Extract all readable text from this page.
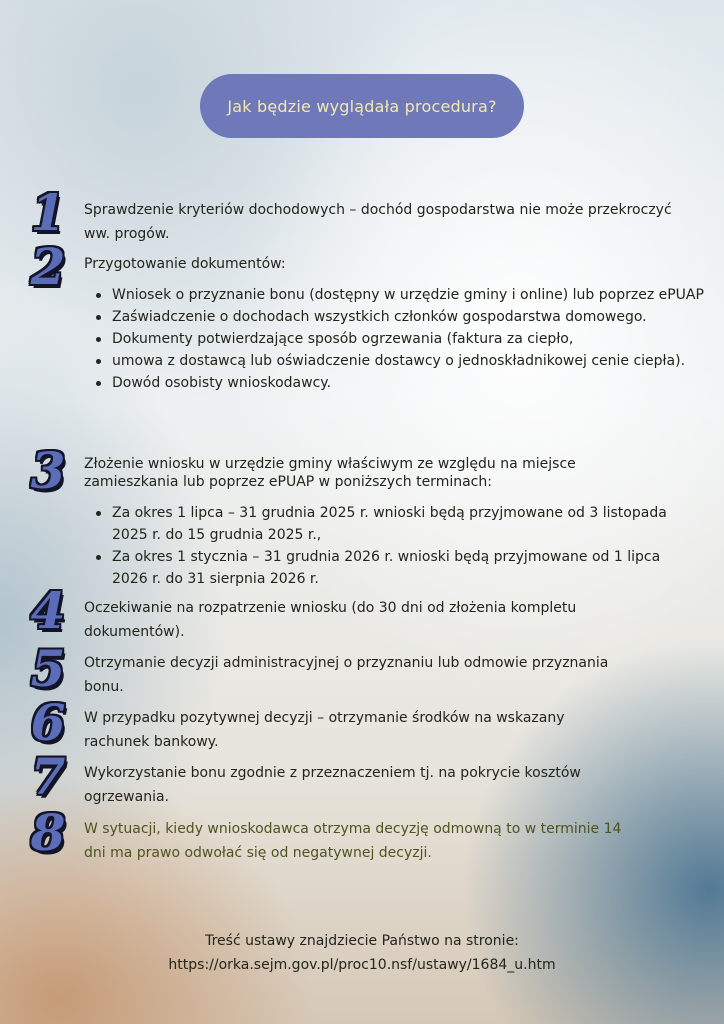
Jak będzie wyglądała procedura?
1	Sprawdzenie kryteriów dochodowych – dochód gospodarstwa nie może przekroczyć ww. progów.
2	Przygotowanie dokumentów:
Wniosek o przyznanie bonu (dostępny w urzędzie gminy i online) lub poprzez ePUAP
Zaświadczenie o dochodach wszystkich członków gospodarstwa domowego.
Dokumenty potwierdzające sposób ogrzewania (faktura za ciepło,
umowa z dostawcą lub oświadczenie dostawcy o jednoskładnikowej cenie ciepła).
Dowód osobisty wnioskodawcy.
3	Złożenie wniosku w urzędzie gminy właściwym ze względu na miejsce zamieszkania lub poprzez ePUAP w poniższych terminach:
Za okres 1 lipca – 31 grudnia 2025 r. wnioski będą przyjmowane od 3 listopada 2025 r. do 15 grudnia 2025 r.,
Za okres 1 stycznia – 31 grudnia 2026 r. wnioski będą przyjmowane od 1 lipca 2026 r. do 31 sierpnia 2026 r.
4	Oczekiwanie na rozpatrzenie wniosku (do 30 dni od złożenia kompletu dokumentów).
5	Otrzymanie decyzji administracyjnej o przyznaniu lub odmowie przyznania bonu.
6	W przypadku pozytywnej decyzji – otrzymanie środków na wskazany rachunek bankowy.
7	Wykorzystanie bonu zgodnie z przeznaczeniem tj. na pokrycie kosztów ogrzewania.
8	W sytuacji, kiedy wnioskodawca otrzyma decyzję odmowną to w terminie 14 dni ma prawo odwołać się od negatywnej decyzji.
Treść ustawy znajdziecie Państwo na stronie:
https://orka.sejm.gov.pl/proc10.nsf/ustawy/1684_u.htm
